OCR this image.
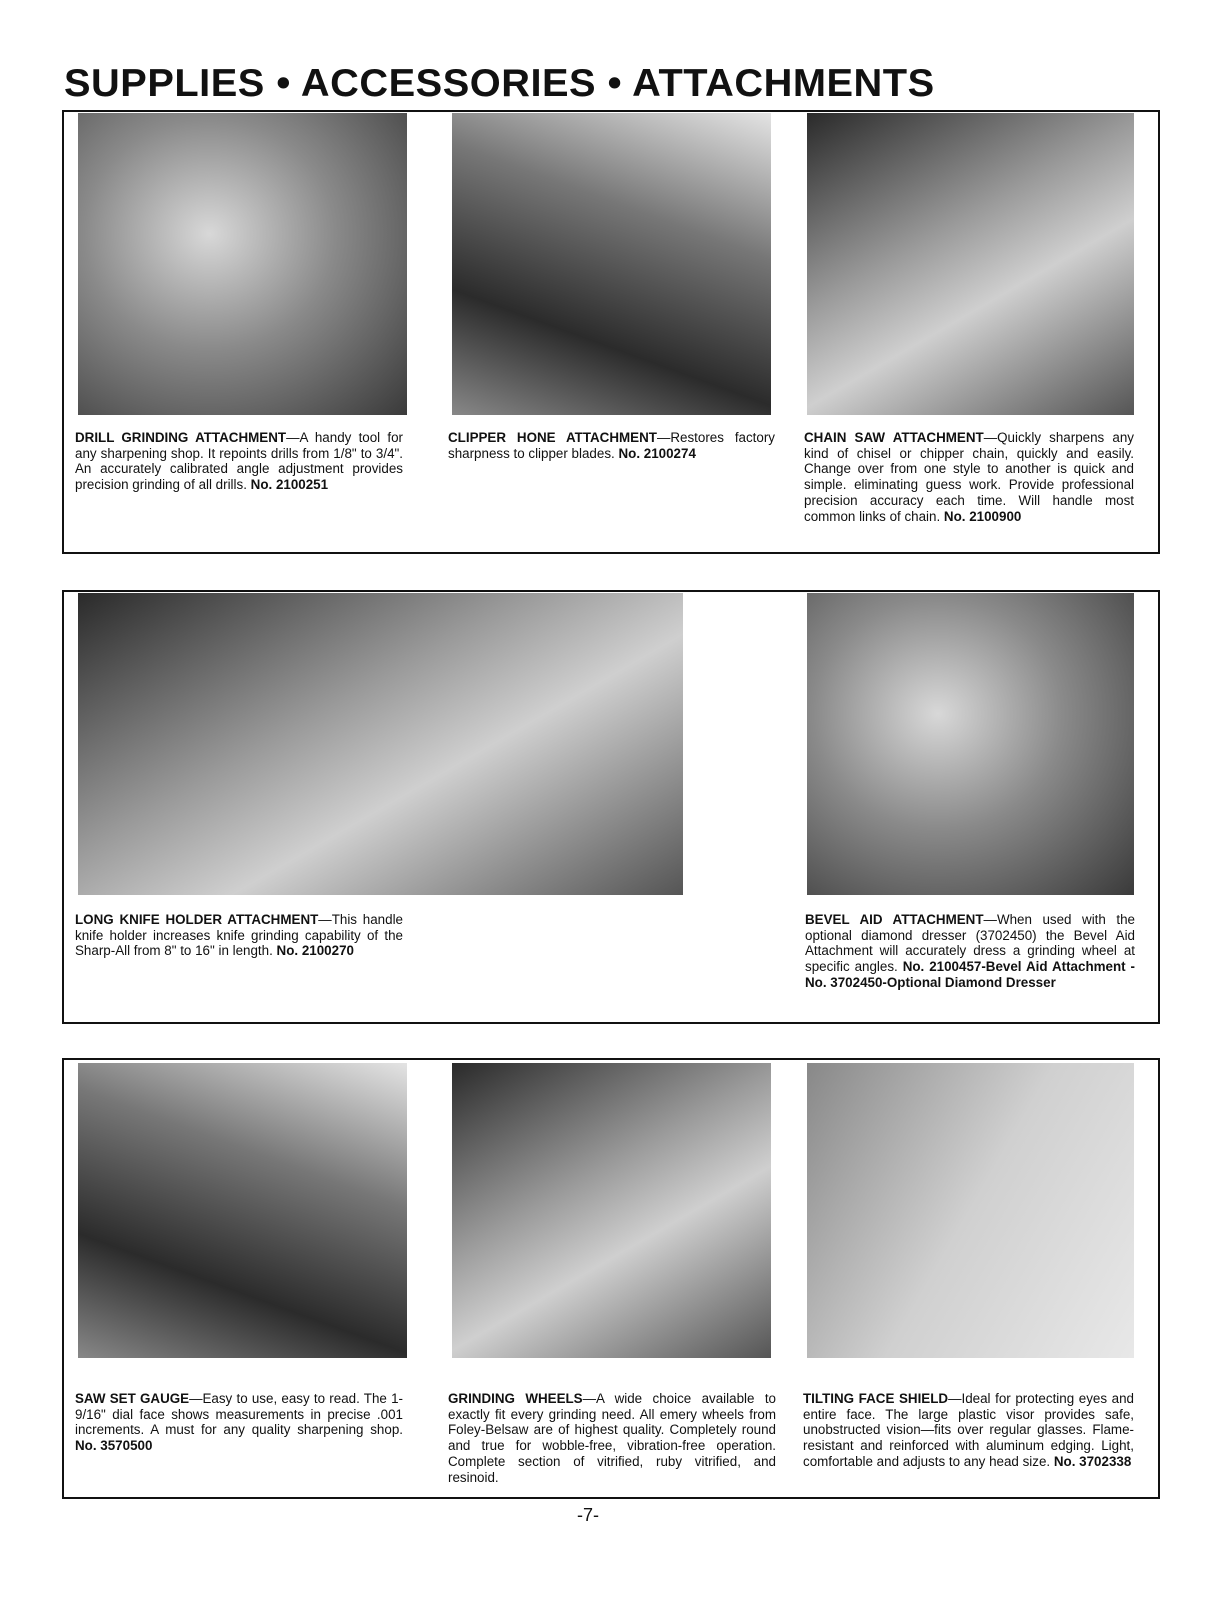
SUPPLIES • ACCESSORIES • ATTACHMENTS
DRILL GRINDING ATTACHMENT—A handy tool for any sharpening shop. It repoints drills from 1/8" to 3/4". An accurately calibrated angle adjustment provides precision grinding of all drills. No. 2100251
CLIPPER HONE ATTACHMENT—Restores factory sharpness to clipper blades. No. 2100274
CHAIN SAW ATTACHMENT—Quickly sharpens any kind of chisel or chipper chain, quickly and easily. Change over from one style to another is quick and simple. eliminating guess work. Provide professional precision accuracy each time. Will handle most common links of chain. No. 2100900
LONG KNIFE HOLDER ATTACHMENT—This handle knife holder increases knife grinding capability of the Sharp-All from 8" to 16" in length. No. 2100270
BEVEL AID ATTACHMENT—When used with the optional diamond dresser (3702450) the Bevel Aid Attachment will accurately dress a grinding wheel at specific angles. No. 2100457-Bevel Aid Attachment - No. 3702450-Optional Diamond Dresser
SAW SET GAUGE—Easy to use, easy to read. The 1-9/16" dial face shows measurements in precise .001 increments. A must for any quality sharpening shop. No. 3570500
GRINDING WHEELS—A wide choice available to exactly fit every grinding need. All emery wheels from Foley-Belsaw are of highest quality. Completely round and true for wobble-free, vibration-free operation. Complete section of vitrified, ruby vitrified, and resinoid.
TILTING FACE SHIELD—Ideal for protecting eyes and entire face. The large plastic visor provides safe, unobstructed vision—fits over regular glasses. Flame-resistant and reinforced with aluminum edging. Light, comfortable and adjusts to any head size. No. 3702338
-7-
